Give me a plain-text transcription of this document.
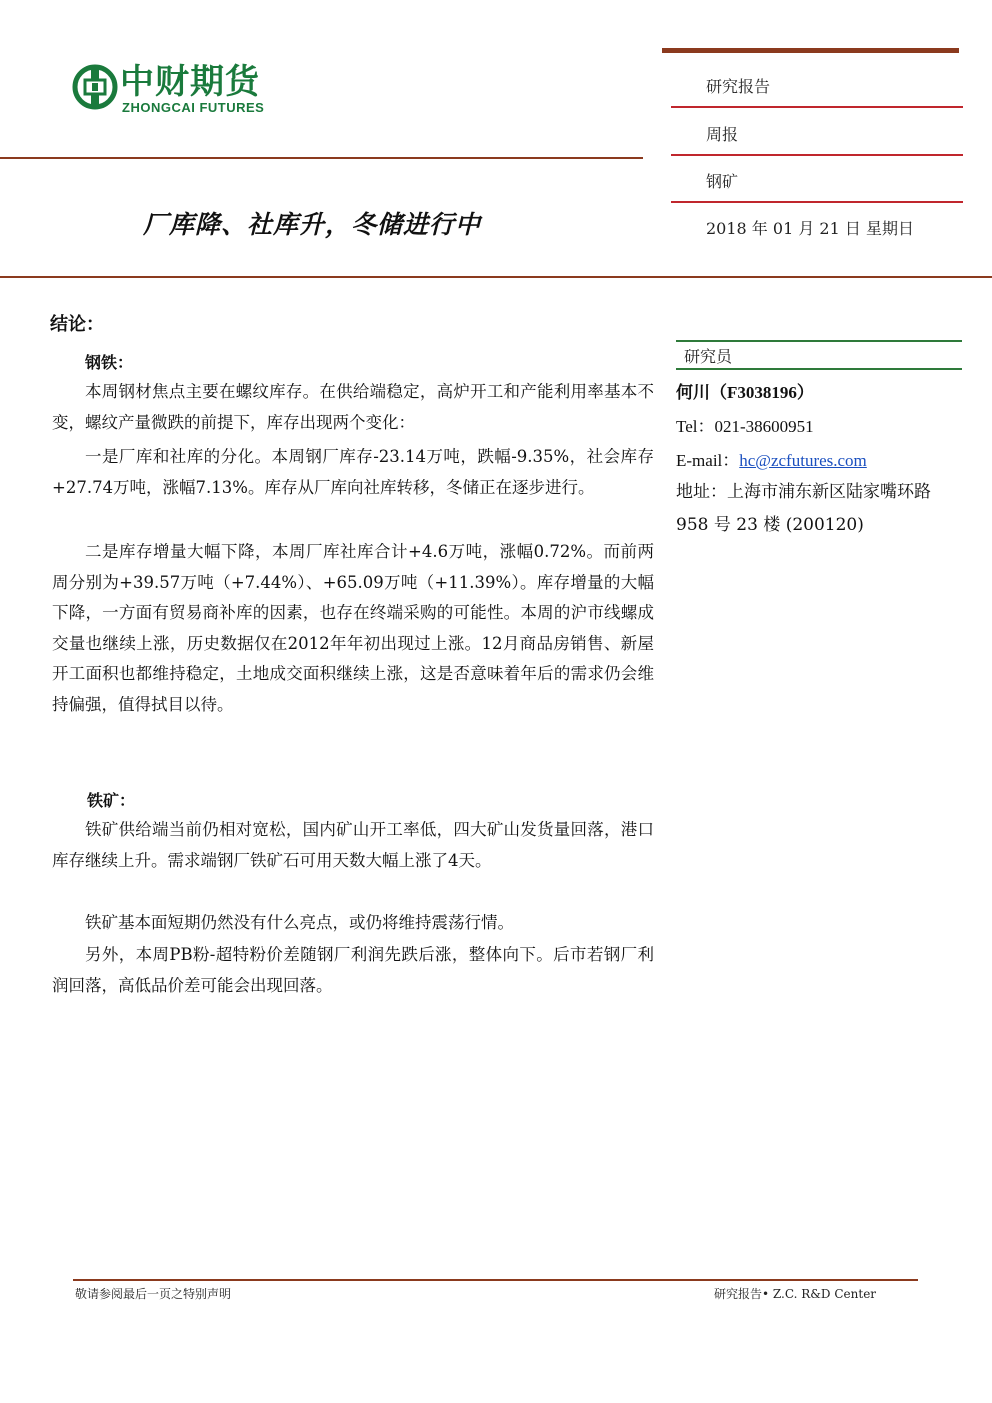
中财期货
ZHONGCAI FUTURES
研究报告
周报
钢矿
2018 年 01 月 21 日 星期日
厂库降、社库升，冬储进行中
结论：
钢铁：

本周钢材焦点主要在螺纹库存。在供给端稳定，高炉开工和产能利用率基本不变，螺纹产量微跌的前提下，库存出现两个变化：

一是厂库和社库的分化。本周钢厂库存-23.14万吨，跌幅-9.35%，社会库存+27.74万吨，涨幅7.13%。库存从厂库向社库转移，冬储正在逐步进行。

二是库存增量大幅下降，本周厂库社库合计+4.6万吨，涨幅0.72%。而前两周分别为+39.57万吨（+7.44%）、+65.09万吨（+11.39%）。库存增量的大幅下降，一方面有贸易商补库的因素，也存在终端采购的可能性。本周的沪市线螺成交量也继续上涨，历史数据仅在2012年年初出现过上涨。12月商品房销售、新屋开工面积也都维持稳定，土地成交面积继续上涨，这是否意味着年后的需求仍会维持偏强，值得拭目以待。

铁矿：

铁矿供给端当前仍相对宽松，国内矿山开工率低，四大矿山发货量回落，港口库存继续上升。需求端钢厂铁矿石可用天数大幅上涨了4天。

铁矿基本面短期仍然没有什么亮点，或仍将维持震荡行情。

另外，本周PB粉-超特粉价差随钢厂利润先跌后涨，整体向下。后市若钢厂利润回落，高低品价差可能会出现回落。

研究员
何川（F3038196）
Tel：021-38600951
E-mail：hc@zcfutures.com
地址：上海市浦东新区陆家嘴环路 958 号 23 楼 (200120)
敬请参阅最后一页之特别声明	研究报告• Z.C. R&D Center
